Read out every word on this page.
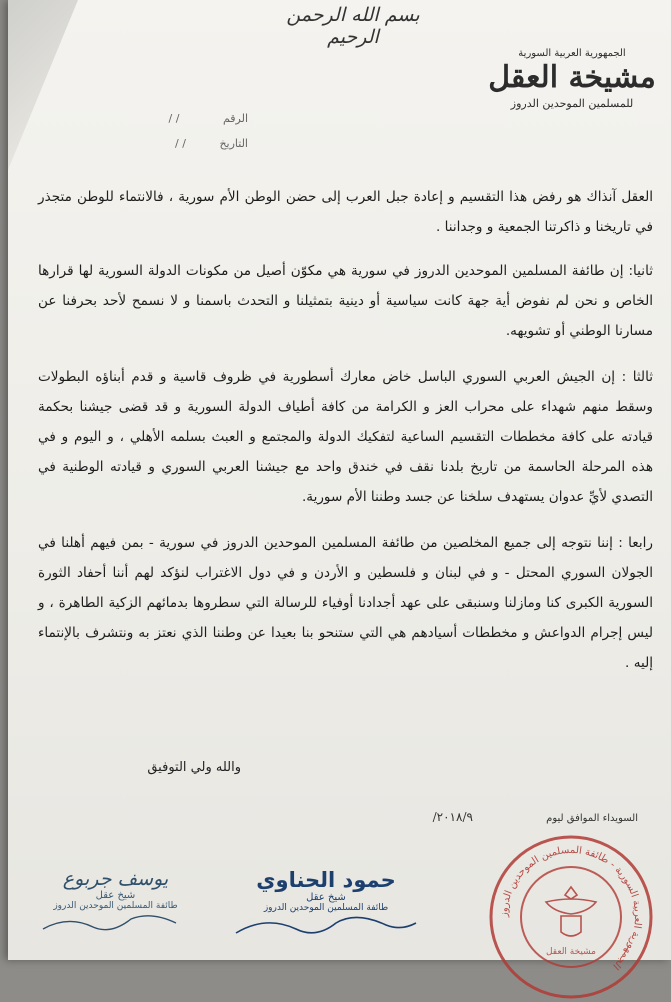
بسم الله الرحمن الرحيم
الجمهورية العربية السورية
مشيخة العقل
للمسلمين الموحدين الدروز
الرقم / /
التاريخ / /

العقل آنذاك هو رفض هذا التقسيم و إعادة جبل العرب إلى حضن الوطن الأم سورية ، فالانتماء للوطن متجذر في تاريخنا و ذاكرتنا الجمعية و وجداننا .

ثانيا: إن طائفة المسلمين الموحدين الدروز في سورية هي مكوّن أصيل من مكونات الدولة السورية لها قرارها الخاص و نحن لم نفوض أية جهة كانت سياسية أو دينية بتمثيلنا و التحدث باسمنا و لا نسمح لأحد بحرفنا عن مسارنا الوطني أو تشويهه.

ثالثا : إن الجيش العربي السوري الباسل خاض معارك أسطورية في ظروف قاسية و قدم أبناؤه البطولات وسقط منهم شهداء على محراب العز و الكرامة من كافة أطياف الدولة السورية و قد قضى جيشنا بحكمة قيادته على كافة مخططات التقسيم الساعية لتفكيك الدولة والمجتمع و العبث بسلمه الأهلي ، و اليوم و في هذه المرحلة الحاسمة من تاريخ بلدنا نقف في خندق واحد مع جيشنا العربي السوري و قيادته الوطنية في التصدي لأيِّ عدوان يستهدف سلخنا عن جسد وطننا الأم سورية.

رابعا : إننا نتوجه إلى جميع المخلصين من طائفة المسلمين الموحدين الدروز في سورية - بمن فيهم أهلنا في الجولان السوري المحتل - و في لبنان و فلسطين و الأردن و في دول الاغتراب لنؤكد لهم أننا أحفاد الثورة السورية الكبرى كنا ومازلنا وسنبقى على عهد أجدادنا أوفياء للرسالة التي سطروها بدمائهم الزكية الطاهرة ، و ليس إجرام الدواعش و مخططات أسيادهم هي التي ستنحو بنا بعيدا عن وطننا الذي نعتز به ونتشرف بالإنتماء إليه .

والله ولي التوفيق
السويداء الموافق ليوم ٢٠١٨/٩/
الجمهورية العربية السورية - طائفة المسلمين الموحدين الدروز
مشيخة العقل
حمود الحناوي
شيخ عقل
طائفة المسلمين الموحدين الدروز
يوسف جربوع
شيخ عقل
طائفة المسلمين الموحدين الدروز
